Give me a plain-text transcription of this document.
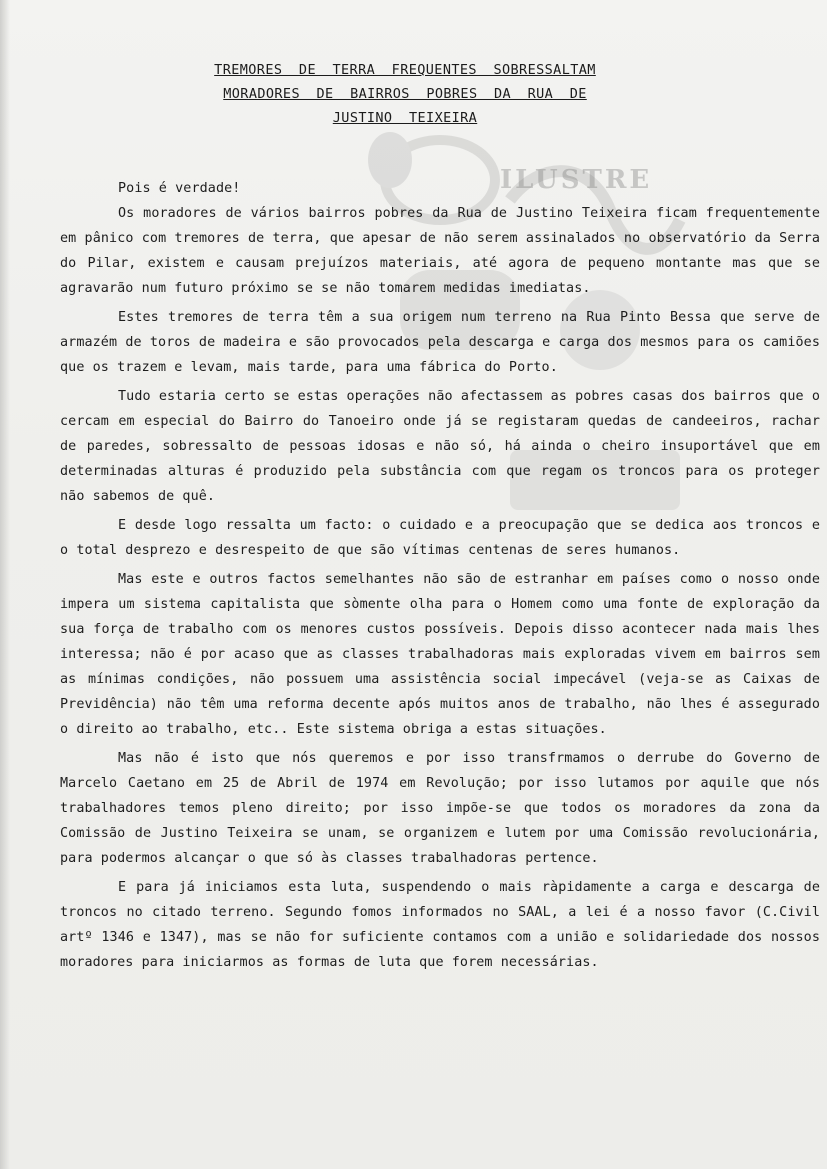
ILUSTRE
TREMORES DE TERRA FREQUENTES SOBRESSALTAM
MORADORES DE BAIRROS POBRES DA RUA DE
JUSTINO TEIXEIRA

Pois é verdade!

Os moradores de vários bairros pobres da Rua de Justino Teixeira ficam frequentemente em pânico com tremores de terra, que apesar de não serem assinalados no observatório da Serra do Pilar, existem e causam prejuízos materiais, até agora de pequeno montante mas que se agravarão num futuro próximo se se não tomarem medidas imediatas.

Estes tremores de terra têm a sua origem num terreno na Rua Pinto Bessa que serve de armazém de toros de madeira e são provocados pela descarga e carga dos mesmos para os camiões que os trazem e levam, mais tarde, para uma fábrica do Porto.

Tudo estaria certo se estas operações não afectassem as pobres casas dos bairros que o cercam em especial do Bairro do Tanoeiro onde já se registaram quedas de candeeiros, rachar de paredes, sobressalto de pessoas idosas e não só, há ainda o cheiro insuportável que em determinadas alturas é produzido pela substância com que regam os troncos para os proteger não sabemos de quê.

E desde logo ressalta um facto: o cuidado e a preocupação que se dedica aos troncos e o total desprezo e desrespeito de que são vítimas centenas de seres humanos.

Mas este e outros factos semelhantes não são de estranhar em países como o nosso onde impera um sistema capitalista que sòmente olha para o Homem como uma fonte de exploração da sua força de trabalho com os menores custos possíveis. Depois disso acontecer nada mais lhes interessa; não é por acaso que as classes trabalhadoras mais exploradas vivem em bairros sem as mínimas condições, não possuem uma assistência social impecável (veja-se as Caixas de Previdência) não têm uma reforma decente após muitos anos de trabalho, não lhes é assegurado o direito ao trabalho, etc.. Este sistema obriga a estas situações.

Mas não é isto que nós queremos e por isso transfrmamos o derrube do Governo de Marcelo Caetano em 25 de Abril de 1974 em Revolução; por isso lutamos por aquile que nós trabalhadores temos pleno direito; por isso impõe-se que todos os moradores da zona da Comissão de Justino Teixeira se unam, se organizem e lutem por uma Comissão revolucionária, para podermos alcançar o que só às classes trabalhadoras pertence.

E para já iniciamos esta luta, suspendendo o mais ràpidamente a carga e descarga de troncos no citado terreno. Segundo fomos informados no SAAL, a lei é a nosso favor (C.Civil artº 1346 e 1347), mas se não for suficiente contamos com a união e solidariedade dos nossos moradores para iniciarmos as formas de luta que forem necessárias.
